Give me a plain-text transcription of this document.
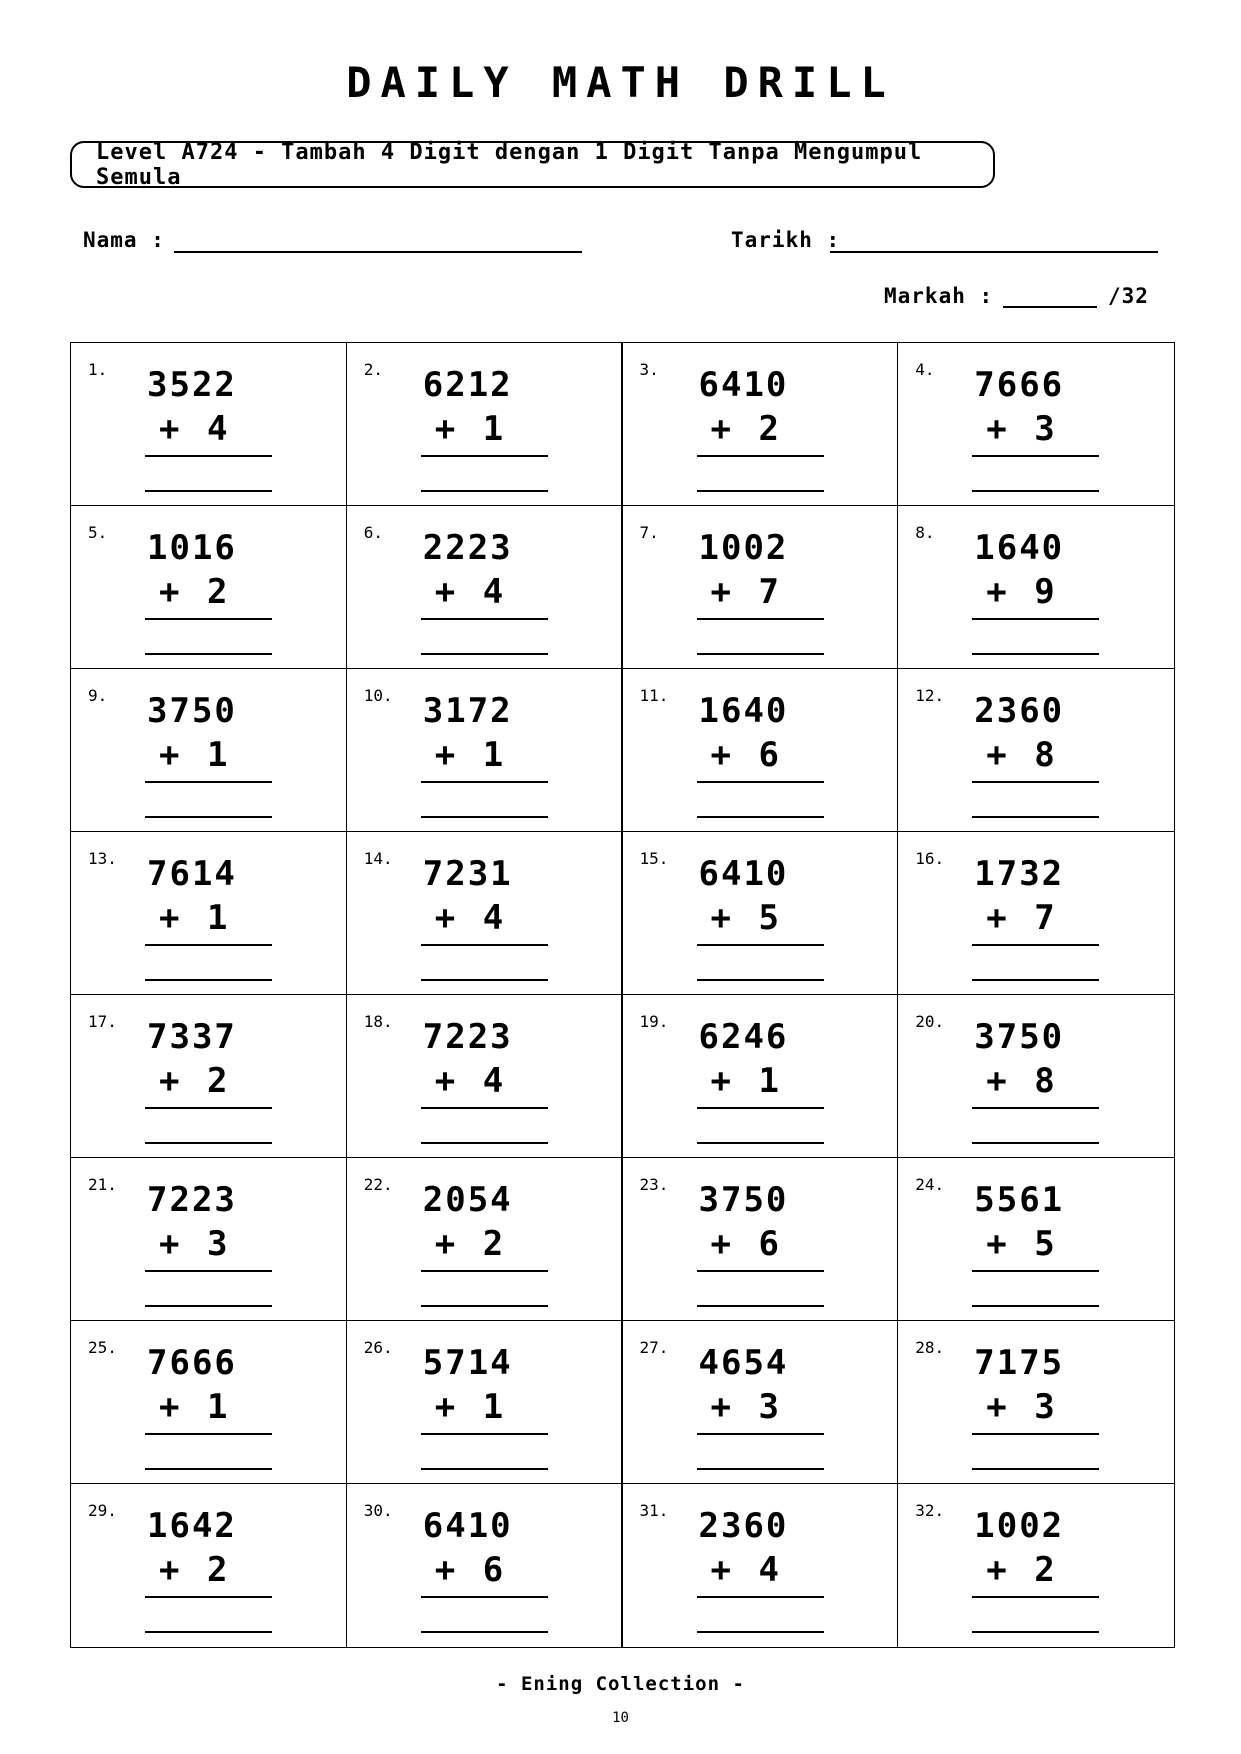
DAILY MATH DRILL
Level A724 - Tambah 4 Digit dengan 1 Digit Tanpa Mengumpul Semula
Nama :	Tarikh :
Markah :	/32
1. 3522
+ 4
2. 6212
+ 1
3. 6410
+ 2
4. 7666
+ 3
5. 1016
+ 2
6. 2223
+ 4
7. 1002
+ 7
8. 1640
+ 9
9. 3750
+ 1
10. 3172
+ 1
11. 1640
+ 6
12. 2360
+ 8
13. 7614
+ 1
14. 7231
+ 4
15. 6410
+ 5
16. 1732
+ 7
17. 7337
+ 2
18. 7223
+ 4
19. 6246
+ 1
20. 3750
+ 8
21. 7223
+ 3
22. 2054
+ 2
23. 3750
+ 6
24. 5561
+ 5
25. 7666
+ 1
26. 5714
+ 1
27. 4654
+ 3
28. 7175
+ 3
29. 1642
+ 2
30. 6410
+ 6
31. 2360
+ 4
32. 1002
+ 2
- Ening Collection -
10
